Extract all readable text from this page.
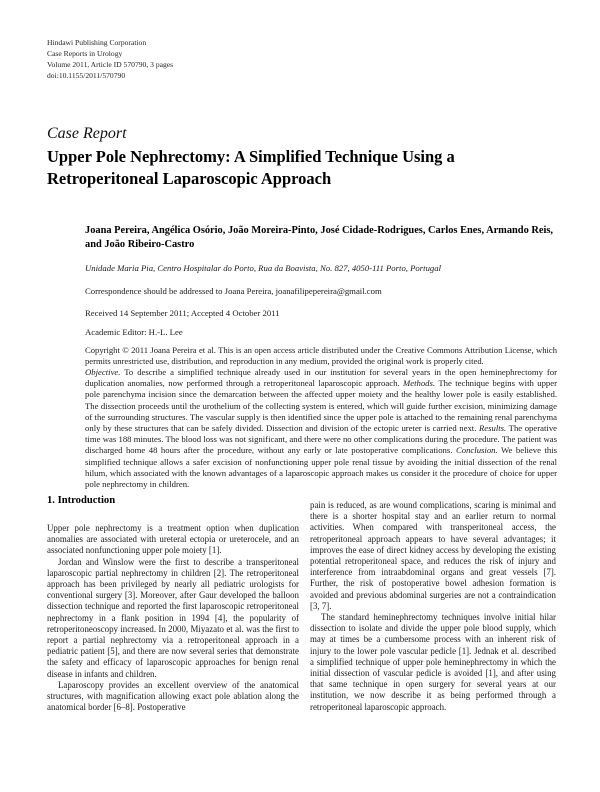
Hindawi Publishing Corporation
Case Reports in Urology
Volume 2011, Article ID 570790, 3 pages
doi:10.1155/2011/570790
Case Report
Upper Pole Nephrectomy: A Simplified Technique Using a Retroperitoneal Laparoscopic Approach
Joana Pereira, Angélica Osório, João Moreira-Pinto, José Cidade-Rodrigues, Carlos Enes, Armando Reis, and João Ribeiro-Castro
Unidade Maria Pia, Centro Hospitalar do Porto, Rua da Boavista, No. 827, 4050-111 Porto, Portugal
Correspondence should be addressed to Joana Pereira, joanafilipepereira@gmail.com
Received 14 September 2011; Accepted 4 October 2011
Academic Editor: H.-L. Lee
Copyright © 2011 Joana Pereira et al. This is an open access article distributed under the Creative Commons Attribution License, which permits unrestricted use, distribution, and reproduction in any medium, provided the original work is properly cited.
Objective. To describe a simplified technique already used in our institution for several years in the open heminephrectomy for duplication anomalies, now performed through a retroperitoneal laparoscopic approach. Methods. The technique begins with upper pole parenchyma incision since the demarcation between the affected upper moiety and the healthy lower pole is easily established. The dissection proceeds until the urothelium of the collecting system is entered, which will guide further excision, minimizing damage of the surrounding structures. The vascular supply is then identified since the upper pole is attached to the remaining renal parenchyma only by these structures that can be safely divided. Dissection and division of the ectopic ureter is carried next. Results. The operative time was 188 minutes. The blood loss was not significant, and there were no other complications during the procedure. The patient was discharged home 48 hours after the procedure, without any early or late postoperative complications. Conclusion. We believe this simplified technique allows a safer excision of nonfunctioning upper pole renal tissue by avoiding the initial dissection of the renal hilum, which associated with the known advantages of a laparoscopic approach makes us consider it the procedure of choice for upper pole nephrectomy in children.
1. Introduction

Upper pole nephrectomy is a treatment option when duplication anomalies are associated with ureteral ectopia or ureterocele, and an associated nonfunctioning upper pole moiety [1].

Jordan and Winslow were the first to describe a transperitoneal laparoscopic partial nephrectomy in children [2]. The retroperitoneal approach has been privileged by nearly all pediatric urologists for conventional surgery [3]. Moreover, after Gaur developed the balloon dissection technique and reported the first laparoscopic retroperitoneal nephrectomy in a flank position in 1994 [4], the popularity of retroperitoneoscopy increased. In 2000, Miyazato et al. was the first to report a partial nephrectomy via a retroperitoneal approach in a pediatric patient [5], and there are now several series that demonstrate the safety and efficacy of laparoscopic approaches for benign renal disease in infants and children.

Laparoscopy provides an excellent overview of the anatomical structures, with magnification allowing exact pole ablation along the anatomical border [6–8]. Postoperative

pain is reduced, as are wound complications, scaring is minimal and there is a shorter hospital stay and an earlier return to normal activities. When compared with transperitoneal access, the retroperitoneal approach appears to have several advantages; it improves the ease of direct kidney access by developing the existing potential retroperitoneal space, and reduces the risk of injury and interference from intraabdominal organs and great vessels [7]. Further, the risk of postoperative bowel adhesion formation is avoided and previous abdominal surgeries are not a contraindication [3, 7].

The standard heminephrectomy techniques involve initial hilar dissection to isolate and divide the upper pole blood supply, which may at times be a cumbersome process with an inherent risk of injury to the lower pole vascular pedicle [1]. Jednak et al. described a simplified technique of upper pole heminephrectomy in which the initial dissection of vascular pedicle is avoided [1], and after using that same technique in open surgery for several years at our institution, we now describe it as being performed through a retroperitoneal laparoscopic approach.
